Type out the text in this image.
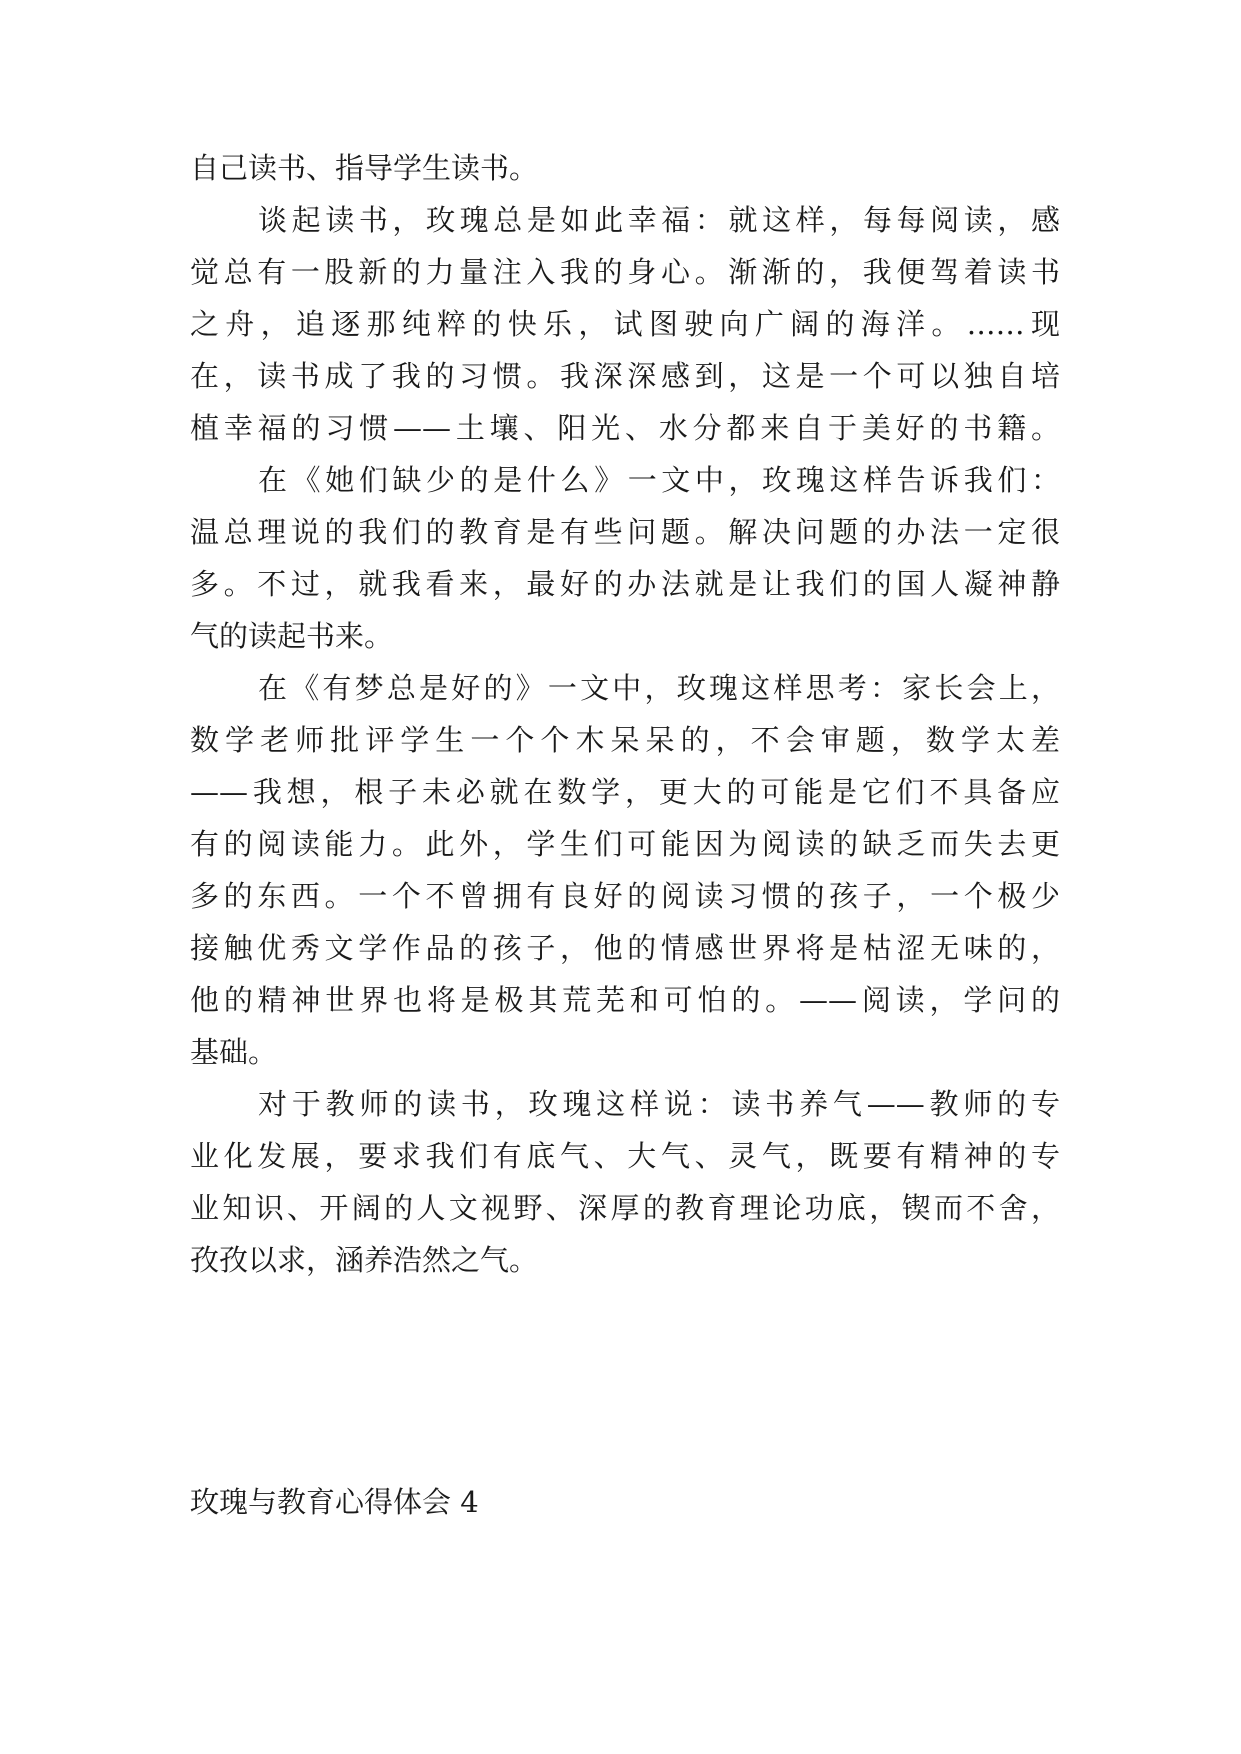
自己读书、指导学生读书。
谈起读书，玫瑰总是如此幸福：就这样，每每阅读，感
觉总有一股新的力量注入我的身心。渐渐的，我便驾着读书
之舟，追逐那纯粹的快乐，试图驶向广阔的海洋。……现
在，读书成了我的习惯。我深深感到，这是一个可以独自培
植幸福的习惯——土壤、阳光、水分都来自于美好的书籍。
在《她们缺少的是什么》一文中，玫瑰这样告诉我们：
温总理说的我们的教育是有些问题。解决问题的办法一定很
多。不过，就我看来，最好的办法就是让我们的国人凝神静
气的读起书来。
在《有梦总是好的》一文中，玫瑰这样思考：家长会上，
数学老师批评学生一个个木呆呆的，不会审题，数学太差
——我想，根子未必就在数学，更大的可能是它们不具备应
有的阅读能力。此外，学生们可能因为阅读的缺乏而失去更
多的东西。一个不曾拥有良好的阅读习惯的孩子，一个极少
接触优秀文学作品的孩子，他的情感世界将是枯涩无味的，
他的精神世界也将是极其荒芜和可怕的。——阅读，学问的
基础。
对于教师的读书，玫瑰这样说：读书养气——教师的专
业化发展，要求我们有底气、大气、灵气，既要有精神的专
业知识、开阔的人文视野、深厚的教育理论功底，锲而不舍，
孜孜以求，涵养浩然之气。
玫瑰与教育心得体会 4
